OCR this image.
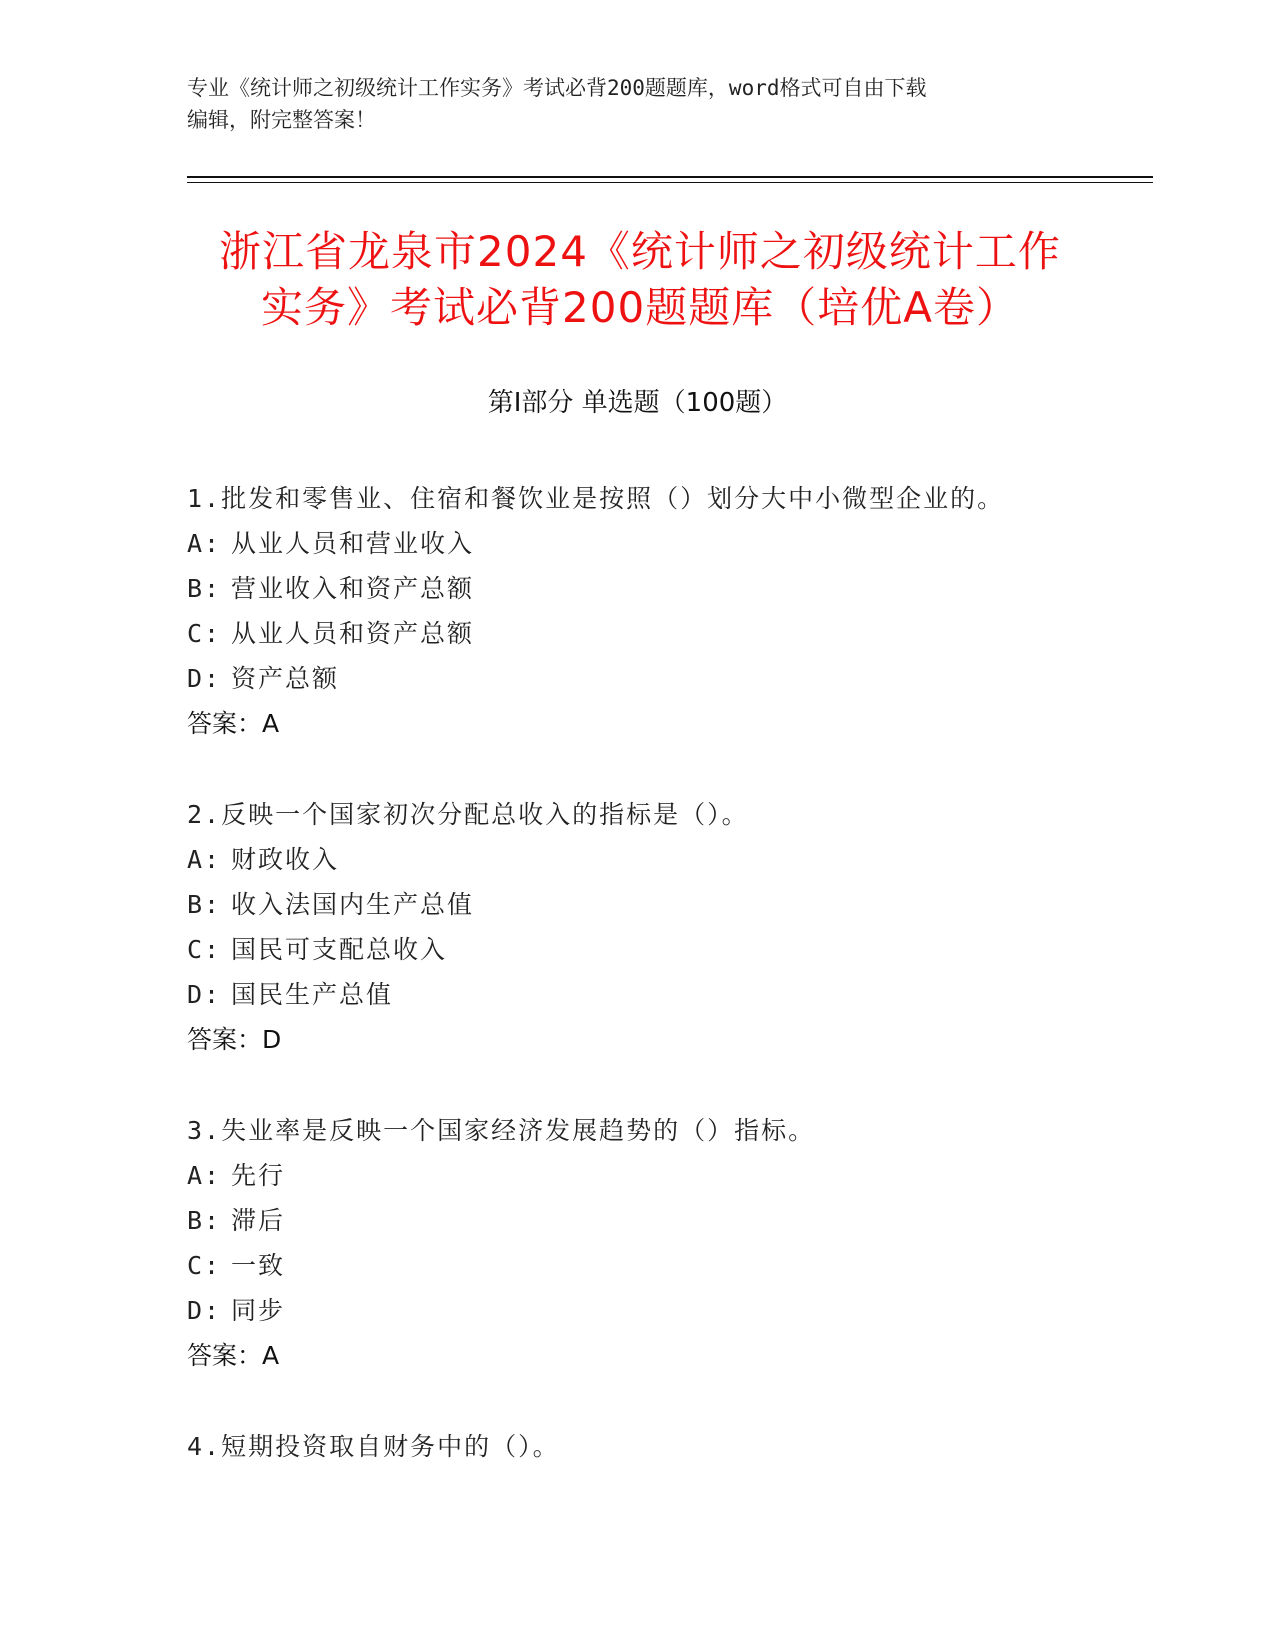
专业《统计师之初级统计工作实务》考试必背200题题库，word格式可自由下载
编辑，附完整答案！
浙江省龙泉市2024《统计师之初级统计工作
实务》考试必背200题题库（培优A卷）
第Ⅰ部分 单选题（100题）
1.批发和零售业、住宿和餐饮业是按照（）划分大中小微型企业的。
A: 从业人员和营业收入
B: 营业收入和资产总额
C: 从业人员和资产总额
D: 资产总额
答案：A
2.反映一个国家初次分配总收入的指标是（）。
A: 财政收入
B: 收入法国内生产总值
C: 国民可支配总收入
D: 国民生产总值
答案：D
3.失业率是反映一个国家经济发展趋势的（）指标。
A: 先行
B: 滞后
C: 一致
D: 同步
答案：A
4.短期投资取自财务中的（）。
